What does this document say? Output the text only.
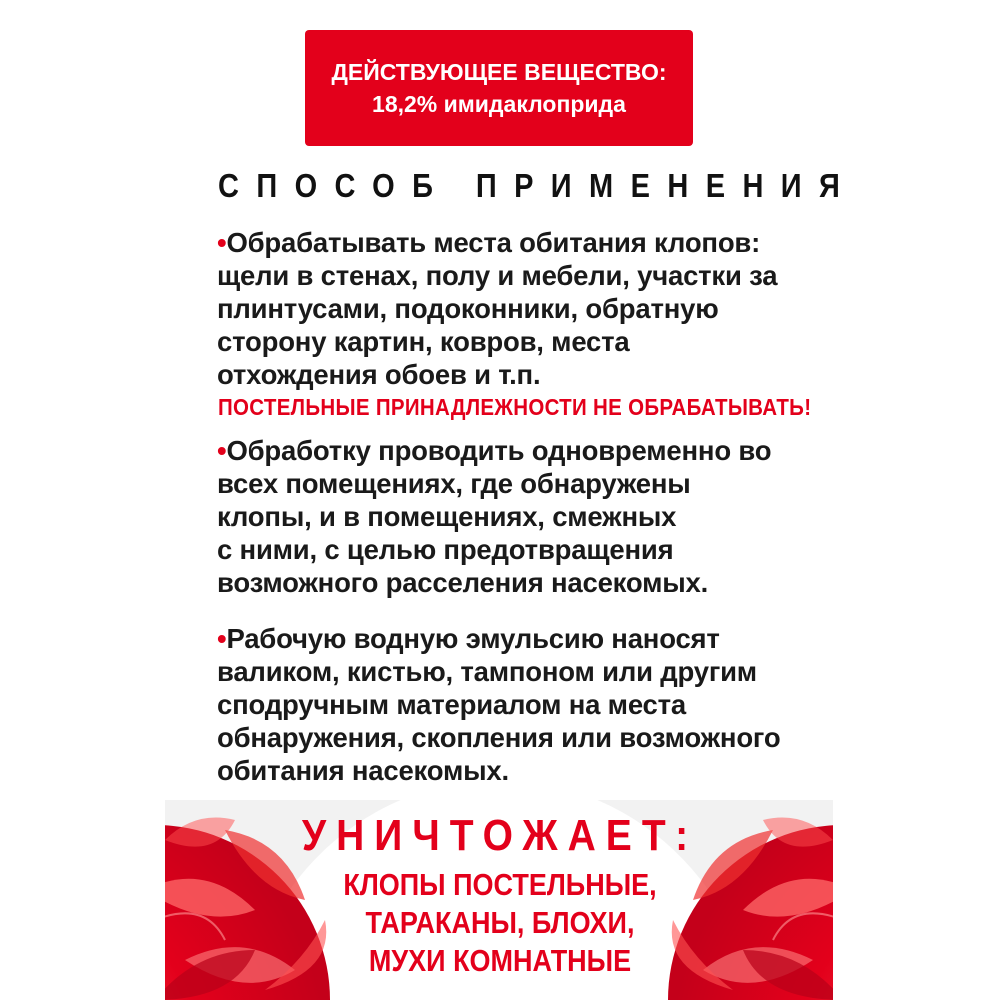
ДЕЙСТВУЮЩЕЕ ВЕЩЕСТВО:
18,2% имидаклоприда
СПОСОБ ПРИМЕНЕНИЯ
•Обрабатывать места обитания клопов:
щели в стенах, полу и мебели, участки за
плинтусами, подоконники, обратную
сторону картин, ковров, места
отхождения обоев и т.п.
ПОСТЕЛЬНЫЕ ПРИНАДЛЕЖНОСТИ НЕ ОБРАБАТЫВАТЬ!
•Обработку проводить одновременно во
всех помещениях, где обнаружены
клопы, и в помещениях, смежных
с ними, с целью предотвращения
возможного расселения насекомых.
•Рабочую водную эмульсию наносят
валиком, кистью, тампоном или другим
сподручным материалом на места
обнаружения, скопления или возможного
обитания насекомых.
УНИЧТОЖАЕТ:
КЛОПЫ ПОСТЕЛЬНЫЕ,
ТАРАКАНЫ, БЛОХИ,
МУХИ КОМНАТНЫЕ
